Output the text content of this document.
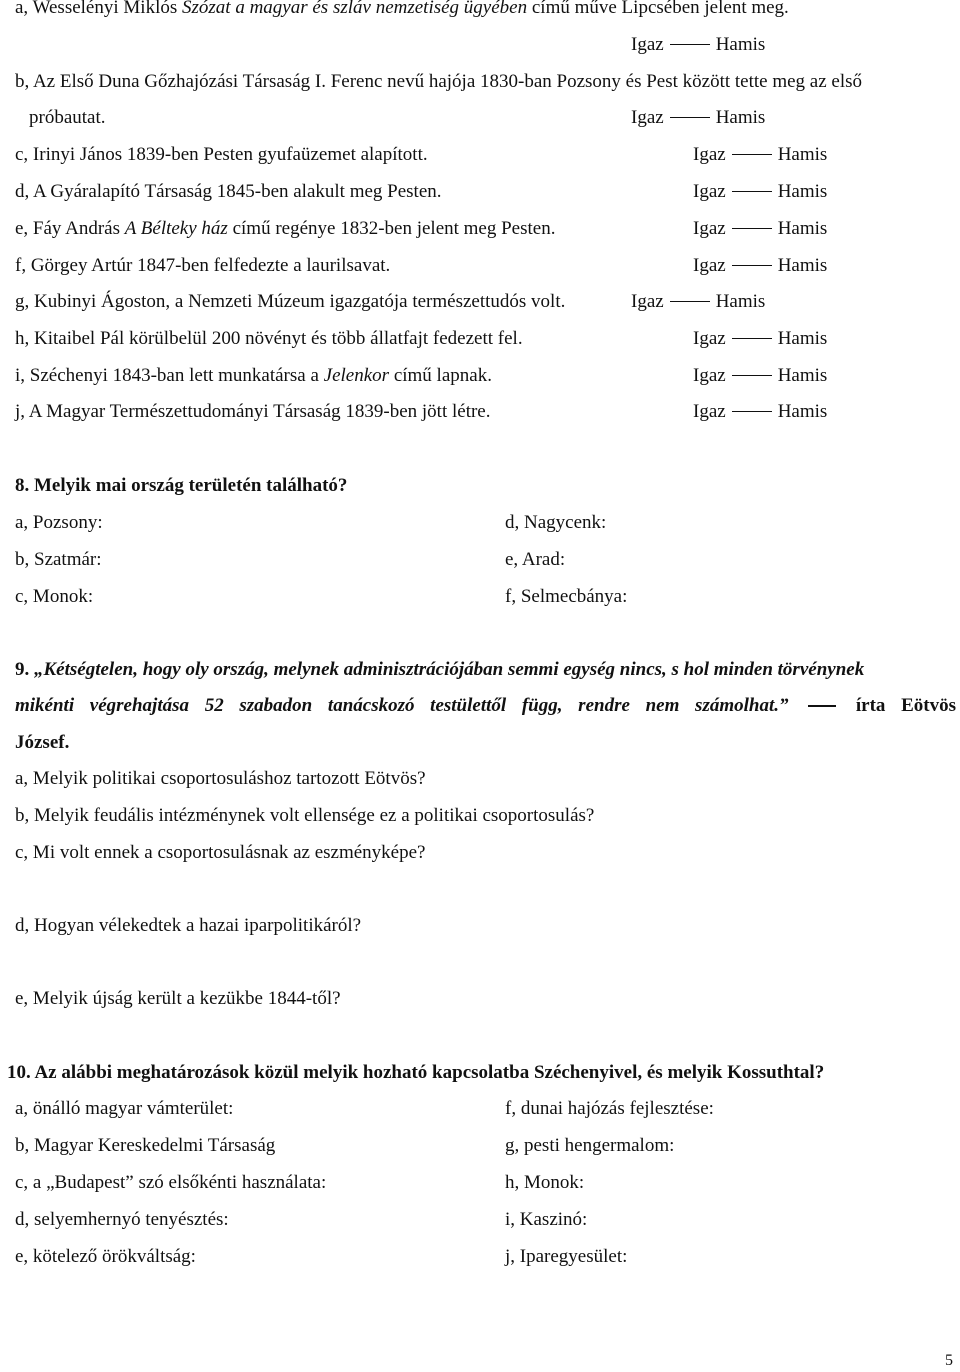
a, Wesselényi Miklós Szózat a magyar és szláv nemzetiség ügyében című műve Lipcsében jelent meg.
Igaz	Hamis
b, Az Első Duna Gőzhajózási Társaság I. Ferenc nevű hajója 1830-ban Pozsony és Pest között tette meg az első
próbautat.	Igaz	Hamis
c, Irinyi János 1839-ben Pesten gyufaüzemet alapított.	Igaz	Hamis
d, A Gyáralapító Társaság 1845-ben alakult meg Pesten.	Igaz	Hamis
e, Fáy András A Bélteky ház című regénye 1832-ben jelent meg Pesten.	Igaz	Hamis
f, Görgey Artúr 1847-ben felfedezte a laurilsavat.	Igaz	Hamis
g, Kubinyi Ágoston, a Nemzeti Múzeum igazgatója természettudós volt.	Igaz	Hamis
h, Kitaibel Pál körülbelül 200 növényt és több állatfajt fedezett fel.	Igaz	Hamis
i, Széchenyi 1843-ban lett munkatársa a Jelenkor című lapnak.	Igaz	Hamis
j, A Magyar Természettudományi Társaság 1839-ben jött létre.	Igaz	Hamis
8. Melyik mai ország területén található?
a, Pozsony:	d, Nagycenk:
b, Szatmár:	e, Arad:
c, Monok:	f, Selmecbánya:
9. „Kétségtelen, hogy oly ország, melynek adminisztrációjában semmi egység nincs, s hol minden törvénynek
mikénti végrehajtása 52 szabadon tanácskozó testülettől függ, rendre nem számolhat.”	írta Eötvös
József.
a, Melyik politikai csoportosuláshoz tartozott Eötvös?
b, Melyik feudális intézménynek volt ellensége ez a politikai csoportosulás?
c, Mi volt ennek a csoportosulásnak az eszményképe?
d, Hogyan vélekedtek a hazai iparpolitikáról?
e, Melyik újság került a kezükbe 1844-től?
10. Az alábbi meghatározások közül melyik hozható kapcsolatba Széchenyivel, és melyik Kossuthtal?
a, önálló magyar vámterület:	f, dunai hajózás fejlesztése:
b, Magyar Kereskedelmi Társaság	g, pesti hengermalom:
c, a „Budapest” szó elsőkénti használata:	h, Monok:
d, selyemhernyó tenyésztés:	i, Kaszinó:
e, kötelező örökváltság:	j, Iparegyesület:
5
